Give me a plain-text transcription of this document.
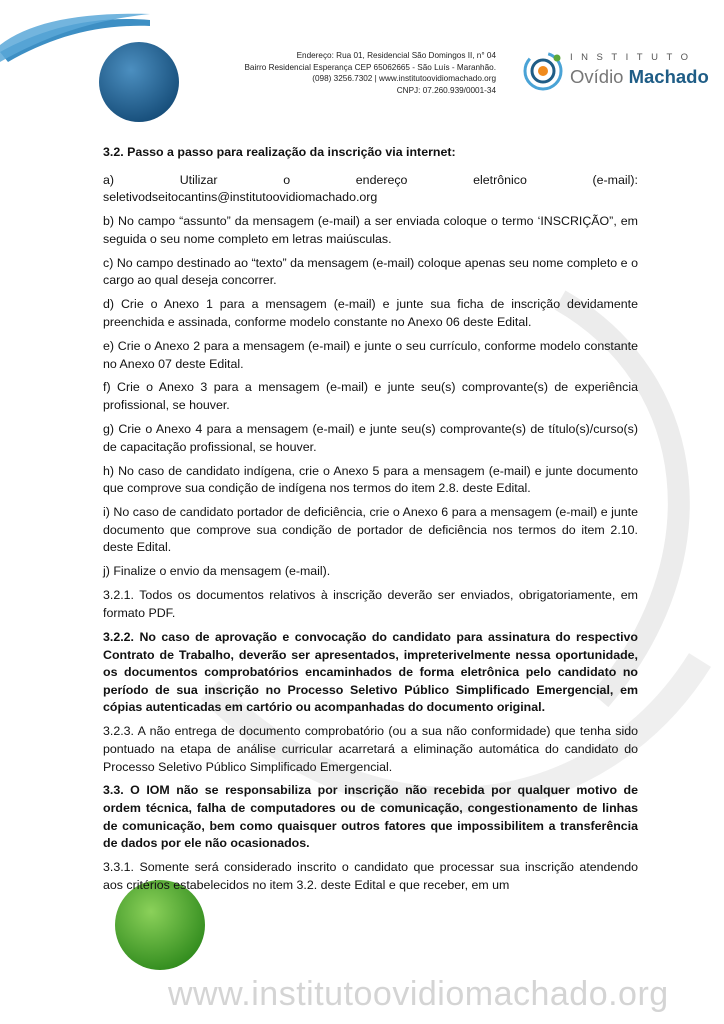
Endereço: Rua 01, Residencial São Domingos II, n° 04
Bairro Residencial Esperança CEP 65062665 - São Luís - Maranhão.
(098) 3256.7302 | www.institutoovidiomachado.org
CNPJ: 07.260.939/0001-34
INSTITUTO
Ovídio Machado

3.2. Passo a passo para realização da inscrição via internet:

a)	Utilizar	o	endereço	eletrônico	(e-mail):
seletivodseitocantins@institutoovidiomachado.org

b) No campo “assunto” da mensagem (e-mail) a ser enviada coloque o termo ‘INSCRIÇÃO”, em seguida o seu nome completo em letras maiúsculas.

c) No campo destinado ao “texto” da mensagem (e-mail) coloque apenas seu nome completo e o cargo ao qual deseja concorrer.

d) Crie o Anexo 1 para a mensagem (e-mail) e junte sua ficha de inscrição devidamente preenchida e assinada, conforme modelo constante no Anexo 06 deste Edital.

e) Crie o Anexo 2 para a mensagem (e-mail) e junte o seu currículo, conforme modelo constante no Anexo 07 deste Edital.

f) Crie o Anexo 3 para a mensagem (e-mail) e junte seu(s) comprovante(s) de experiência profissional, se houver.

g) Crie o Anexo 4 para a mensagem (e-mail) e junte seu(s) comprovante(s) de título(s)/curso(s) de capacitação profissional, se houver.

h) No caso de candidato indígena, crie o Anexo 5 para a mensagem (e-mail) e junte documento que comprove sua condição de indígena nos termos do item 2.8. deste Edital.

i) No caso de candidato portador de deficiência, crie o Anexo 6 para a mensagem (e-mail) e junte documento que comprove sua condição de portador de deficiência nos termos do item 2.10. deste Edital.

j) Finalize o envio da mensagem (e-mail).

3.2.1. Todos os documentos relativos à inscrição deverão ser enviados, obrigatoriamente, em formato PDF.

3.2.2. No caso de aprovação e convocação do candidato para assinatura do respectivo Contrato de Trabalho, deverão ser apresentados, impreterivelmente nessa oportunidade, os documentos comprobatórios encaminhados de forma eletrônica pelo candidato no período de sua inscrição no Processo Seletivo Público Simplificado Emergencial, em cópias autenticadas em cartório ou acompanhadas do documento original.

3.2.3. A não entrega de documento comprobatório (ou a sua não conformidade) que tenha sido pontuado na etapa de análise curricular acarretará a eliminação automática do candidato do Processo Seletivo Público Simplificado Emergencial.

3.3. O IOM não se responsabiliza por inscrição não recebida por qualquer motivo de ordem técnica, falha de computadores ou de comunicação, congestionamento de linhas de comunicação, bem como quaisquer outros fatores que impossibilitem a transferência de dados por ele não ocasionados.

3.3.1. Somente será considerado inscrito o candidato que processar sua inscrição atendendo aos critérios estabelecidos no item 3.2. deste Edital e que receber, em um

www.institutoovidiomachado.org
